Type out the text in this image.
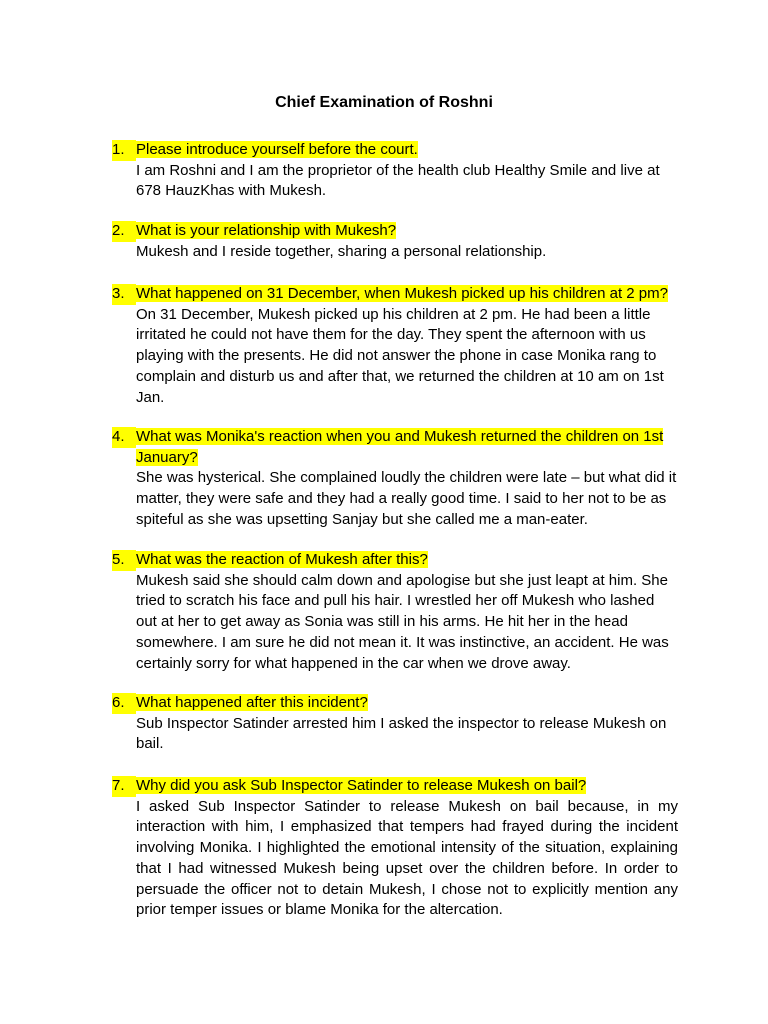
Chief Examination of Roshni
1. Please introduce yourself before the court.
I am Roshni and I am the proprietor of the health club Healthy Smile and live at 678 HauzKhas with Mukesh.
2. What is your relationship with Mukesh?
Mukesh and I reside together, sharing a personal relationship.
3. What happened on 31 December, when Mukesh picked up his children at 2 pm?
On 31 December, Mukesh picked up his children at 2 pm. He had been a little irritated he could not have them for the day. They spent the afternoon with us playing with the presents. He did not answer the phone in case Monika rang to complain and disturb us and after that, we returned the children at 10 am on 1st Jan.
4. What was Monika's reaction when you and Mukesh returned the children on 1st January?
She was hysterical. She complained loudly the children were late – but what did it matter, they were safe and they had a really good time. I said to her not to be as spiteful as she was upsetting Sanjay but she called me a man-eater.
5. What was the reaction of Mukesh after this?
Mukesh said she should calm down and apologise but she just leapt at him. She tried to scratch his face and pull his hair. I wrestled her off Mukesh who lashed out at her to get away as Sonia was still in his arms. He hit her in the head somewhere. I am sure he did not mean it. It was instinctive, an accident. He was certainly sorry for what happened in the car when we drove away.
6. What happened after this incident?
Sub Inspector Satinder arrested him I asked the inspector to release Mukesh on bail.
7. Why did you ask Sub Inspector Satinder to release Mukesh on bail?
I asked Sub Inspector Satinder to release Mukesh on bail because, in my interaction with him, I emphasized that tempers had frayed during the incident involving Monika. I highlighted the emotional intensity of the situation, explaining that I had witnessed Mukesh being upset over the children before. In order to persuade the officer not to detain Mukesh, I chose not to explicitly mention any prior temper issues or blame Monika for the altercation.
